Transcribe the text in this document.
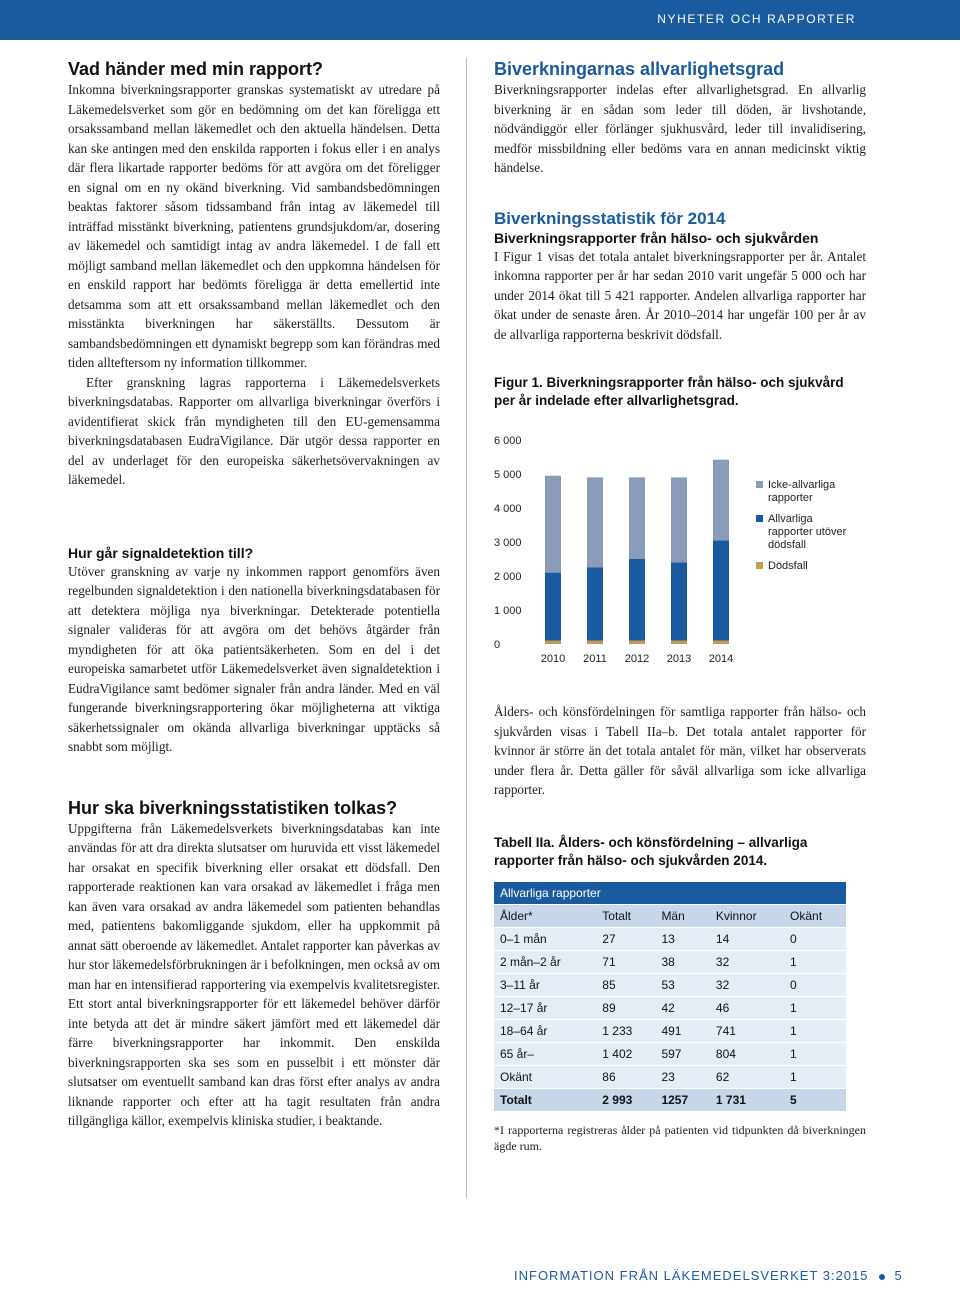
NYHETER OCH RAPPORTER
Vad händer med min rapport?

Inkomna biverkningsrapporter granskas systematiskt av utredare på Läkemedelsverket som gör en bedömning om det kan föreligga ett orsakssamband mellan läkemedlet och den aktuella händelsen. Detta kan ske antingen med den enskilda rapporten i fokus eller i en analys där flera likartade rapporter bedöms för att avgöra om det föreligger en signal om en ny okänd biverkning. Vid sambandsbedömningen beaktas faktorer såsom tidssamband från intag av läkemedel till inträffad misstänkt biverkning, patientens grundsjukdom/ar, dosering av läkemedel och samtidigt intag av andra läkemedel. I de fall ett möjligt samband mellan läkemedlet och den uppkomna händelsen för en enskild rapport har bedömts föreligga är detta emellertid inte detsamma som att ett orsakssamband mellan läkemedlet och den misstänkta biverkningen har säkerställts. Dessutom är sambandsbedömningen ett dynamiskt begrepp som kan förändras med tiden allteftersom ny information tillkommer.

Efter granskning lagras rapporterna i Läkemedelsverkets biverkningsdatabas. Rapporter om allvarliga biverkningar överförs i avidentifierat skick från myndigheten till den EU-gemensamma biverkningsdatabasen EudraVigilance. Där utgör dessa rapporter en del av underlaget för den europeiska säkerhetsövervakningen av läkemedel.

Hur går signaldetektion till?

Utöver granskning av varje ny inkommen rapport genomförs även regelbunden signaldetektion i den nationella biverkningsdatabasen för att detektera möjliga nya biverkningar. Detekterade potentiella signaler valideras för att avgöra om det behövs åtgärder från myndigheten för att öka patientsäkerheten. Som en del i det europeiska samarbetet utför Läkemedelsverket även signaldetektion i EudraVigilance samt bedömer signaler från andra länder. Med en väl fungerande biverkningsrapportering ökar möjligheterna att viktiga säkerhetssignaler om okända allvarliga biverkningar upptäcks så snabbt som möjligt.

Hur ska biverkningsstatistiken tolkas?

Uppgifterna från Läkemedelsverkets biverkningsdatabas kan inte användas för att dra direkta slutsatser om huruvida ett visst läkemedel har orsakat en specifik biverkning eller orsakat ett dödsfall. Den rapporterade reaktionen kan vara orsakad av läkemedlet i fråga men kan även vara orsakad av andra läkemedel som patienten behandlas med, patientens bakomliggande sjukdom, eller ha uppkommit på annat sätt oberoende av läkemedlet. Antalet rapporter kan påverkas av hur stor läkemedelsförbrukningen är i befolkningen, men också av om man har en intensifierad rapportering via exempelvis kvalitetsregister. Ett stort antal biverkningsrapporter för ett läkemedel behöver därför inte betyda att det är mindre säkert jämfört med ett läkemedel där färre biverkningsrapporter har inkommit. Den enskilda biverkningsrapporten ska ses som en pusselbit i ett mönster där slutsatser om eventuellt samband kan dras först efter analys av andra liknande rapporter och efter att ha tagit resultaten från andra tillgängliga källor, exempelvis kliniska studier, i beaktande.

Biverkningarnas allvarlighetsgrad

Biverkningsrapporter indelas efter allvarlighetsgrad. En allvarlig biverkning är en sådan som leder till döden, är livshotande, nödvändiggör eller förlänger sjukhusvård, leder till invalidisering, medför missbildning eller bedöms vara en annan medicinskt viktig händelse.

Biverkningsstatistik för 2014
Biverkningsrapporter från hälso- och sjukvården

I Figur 1 visas det totala antalet biverkningsrapporter per år. Antalet inkomna rapporter per år har sedan 2010 varit ungefär 5 000 och har under 2014 ökat till 5 421 rapporter. Andelen allvarliga rapporter har ökat under de senaste åren. År 2010–2014 har ungefär 100 per år av de allvarliga rapporterna beskrivit dödsfall.

Figur 1. Biverkningsrapporter från hälso- och sjukvård per år indelade efter allvarlighetsgrad.
0
1 000
2 000
3 000
4 000
5 000
6 000
2010 2011 2012 2013 2014
Icke-allvarliga rapporter
Allvarliga rapporter utöver dödsfall
Dödsfall

Ålders- och könsfördelningen för samtliga rapporter från hälso- och sjukvården visas i Tabell IIa–b. Det totala antalet rapporter för kvinnor är större än det totala antalet för män, vilket har observerats under flera år. Detta gäller för såväl allvarliga som icke allvarliga rapporter.

Tabell IIa. Ålders- och könsfördelning – allvarliga rapporter från hälso- och sjukvården 2014.
Allvarliga rapporter				
Ålder*	Totalt	Män	Kvinnor	Okänt
0–1 mån	27	13	14	0
2 mån–2 år	71	38	32	1
3–11 år	85	53	32	0
12–17 år	89	42	46	1
18–64 år	1 233	491	741	1
65 år–	1 402	597	804	1
Okänt	86	23	62	1
Totalt	2 993	1257	1 731	5

*I rapporterna registreras ålder på patienten vid tidpunkten då biverkningen ägde rum.

INFORMATION FRÅN LÄKEMEDELSVERKET 3:2015 5
